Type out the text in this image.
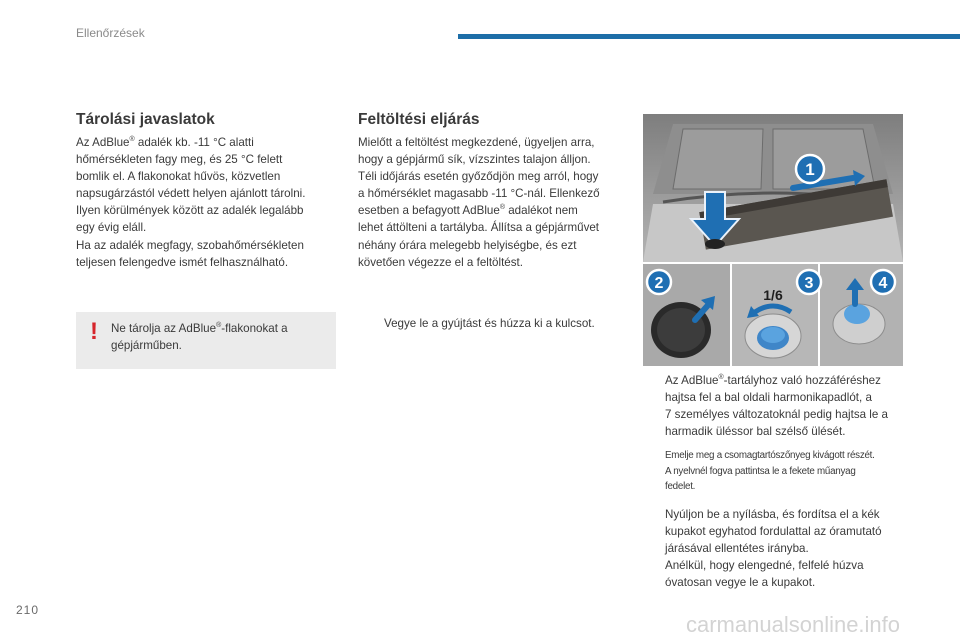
Ellenőrzések
Tárolási javaslatok
Az AdBlue® adalék kb. -11 °C alatti
hőmérsékleten fagy meg, és 25 °C felett
bomlik el. A flakonokat hűvös, közvetlen
napsugárzástól védett helyen ajánlott tárolni.
Ilyen körülmények között az adalék legalább
egy évig eláll.
Ha az adalék megfagy, szobahőmérsékleten
teljesen felengedve ismét felhasználható.
! Ne tárolja az AdBlue®-flakonokat a
gépjárműben.
Feltöltési eljárás
Mielőtt a feltöltést megkezdené, ügyeljen arra,
hogy a gépjármű sík, vízszintes talajon álljon.
Téli időjárás esetén győződjön meg arról, hogy
a hőmérséklet magasabb -11 °C-nál. Ellenkező
esetben a befagyott AdBlue® adalékot nem
lehet áttölteni a tartályba. Állítsa a gépjárművet
néhány órára melegebb helyiségbe, és ezt
követően végezze el a feltöltést.
Vegye le a gyújtást és húzza ki a kulcsot.
1
2	3	4
1/6
Az AdBlue®-tartályhoz való hozzáféréshez
hajtsa fel a bal oldali harmonikapadlót, a
7 személyes változatoknál pedig hajtsa le a
harmadik üléssor bal szélső ülését.
Emelje meg a csomagtartószőnyeg kivágott részét.
A nyelvnél fogva pattintsa le a fekete műanyag
fedelet.
Nyúljon be a nyílásba, és fordítsa el a kék
kupakot egyhatod fordulattal az óramutató
járásával ellentétes irányba.
Anélkül, hogy elengedné, felfelé húzva
óvatosan vegye le a kupakot.
210
carmanualsonline.info
